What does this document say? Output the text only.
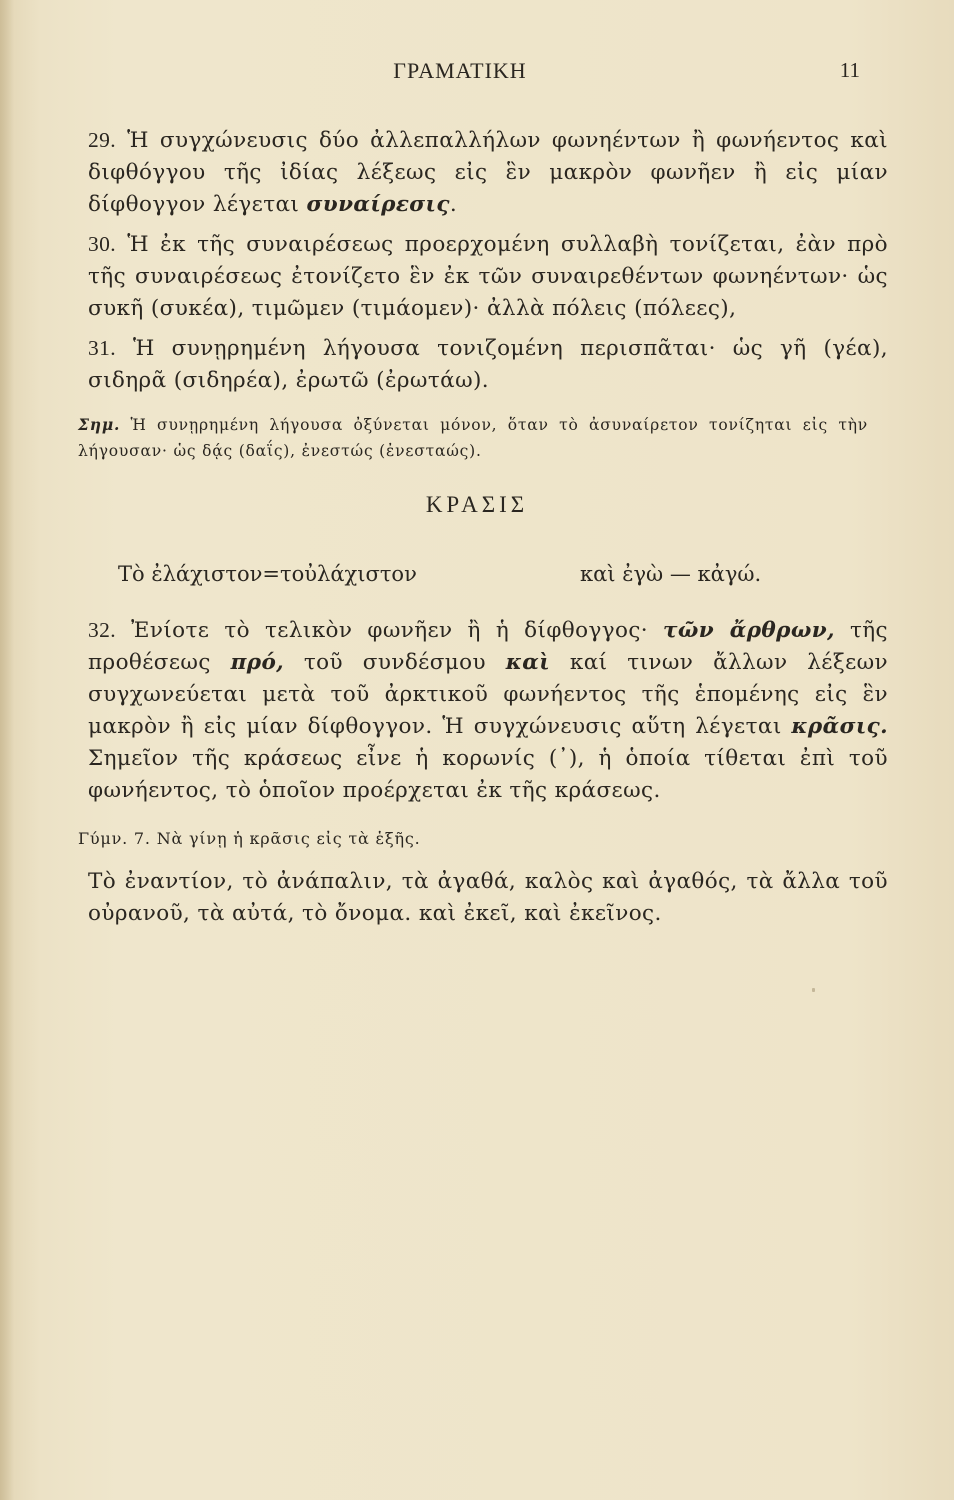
ΓΡΑΜΑΤΙΚΗ	11
29. Ἡ συγχώνευσις δύο ἀλλεπαλλήλων φωνηέντων ἢ φωνήεντος καὶ διφθόγγου τῆς ἰδίας λέξεως εἰς ἓν μακρὸν φωνῆεν ἢ εἰς μίαν δίφθογγον λέγεται συναίρεσις.
30. Ἡ ἐκ τῆς συναιρέσεως προερχομένη συλλαβὴ τονίζεται, ἐὰν πρὸ τῆς συναιρέσεως ἐτονίζετο ἓν ἐκ τῶν συναιρεθέντων φωνηέντων· ὡς συκῆ (συκέα), τιμῶμεν (τιμάομεν)· ἀλλὰ πόλεις (πόλεες),
31. Ἡ συνῃρημένη λήγουσα τονιζομένη περισπᾶται· ὡς γῆ (γέα), σιδηρᾶ (σιδηρέα), ἐρωτῶ (ἐρωτάω).
Σημ. Ἡ συνῃρημένη λήγουσα ὀξύνεται μόνον, ὅταν τὸ ἀσυναίρετον τονίζηται εἰς τὴν λήγουσαν· ὡς δᾴς (δαΐς), ἐνεστώς (ἐνεσταώς).
ΚΡΑΣΙΣ
Τὸ ἐλάχιστον=τοὐλάχιστον	καὶ ἐγὼ — κἀγώ.
32. Ἐνίοτε τὸ τελικὸν φωνῆεν ἢ ἡ δίφθογγος· τῶν ἄρθρων, τῆς προθέσεως πρό, τοῦ συνδέσμου καὶ καί τινων ἄλλων λέξεων συγχωνεύεται μετὰ τοῦ ἀρκτικοῦ φωνήεντος τῆς ἑπομένης εἰς ἓν μακρὸν ἢ εἰς μίαν δίφθογγον. Ἡ συγχώνευσις αὕτη λέγεται κρᾶσις. Σημεῖον τῆς κράσεως εἶνε ἡ κορωνίς (᾽), ἡ ὁποία τίθεται ἐπὶ τοῦ φωνήεντος, τὸ ὁποῖον προέρχεται ἐκ τῆς κράσεως.
Γύμν. 7. Νὰ γίνῃ ἡ κρᾶσις εἰς τὰ ἑξῆς.
Τὸ ἐναντίον, τὸ ἀνάπαλιν, τὰ ἀγαθά, καλὸς καὶ ἀγαθός, τὰ ἄλλα τοῦ οὐρανοῦ, τὰ αὐτά, τὸ ὄνομα. καὶ ἐκεῖ, καὶ ἐκεῖνος.
